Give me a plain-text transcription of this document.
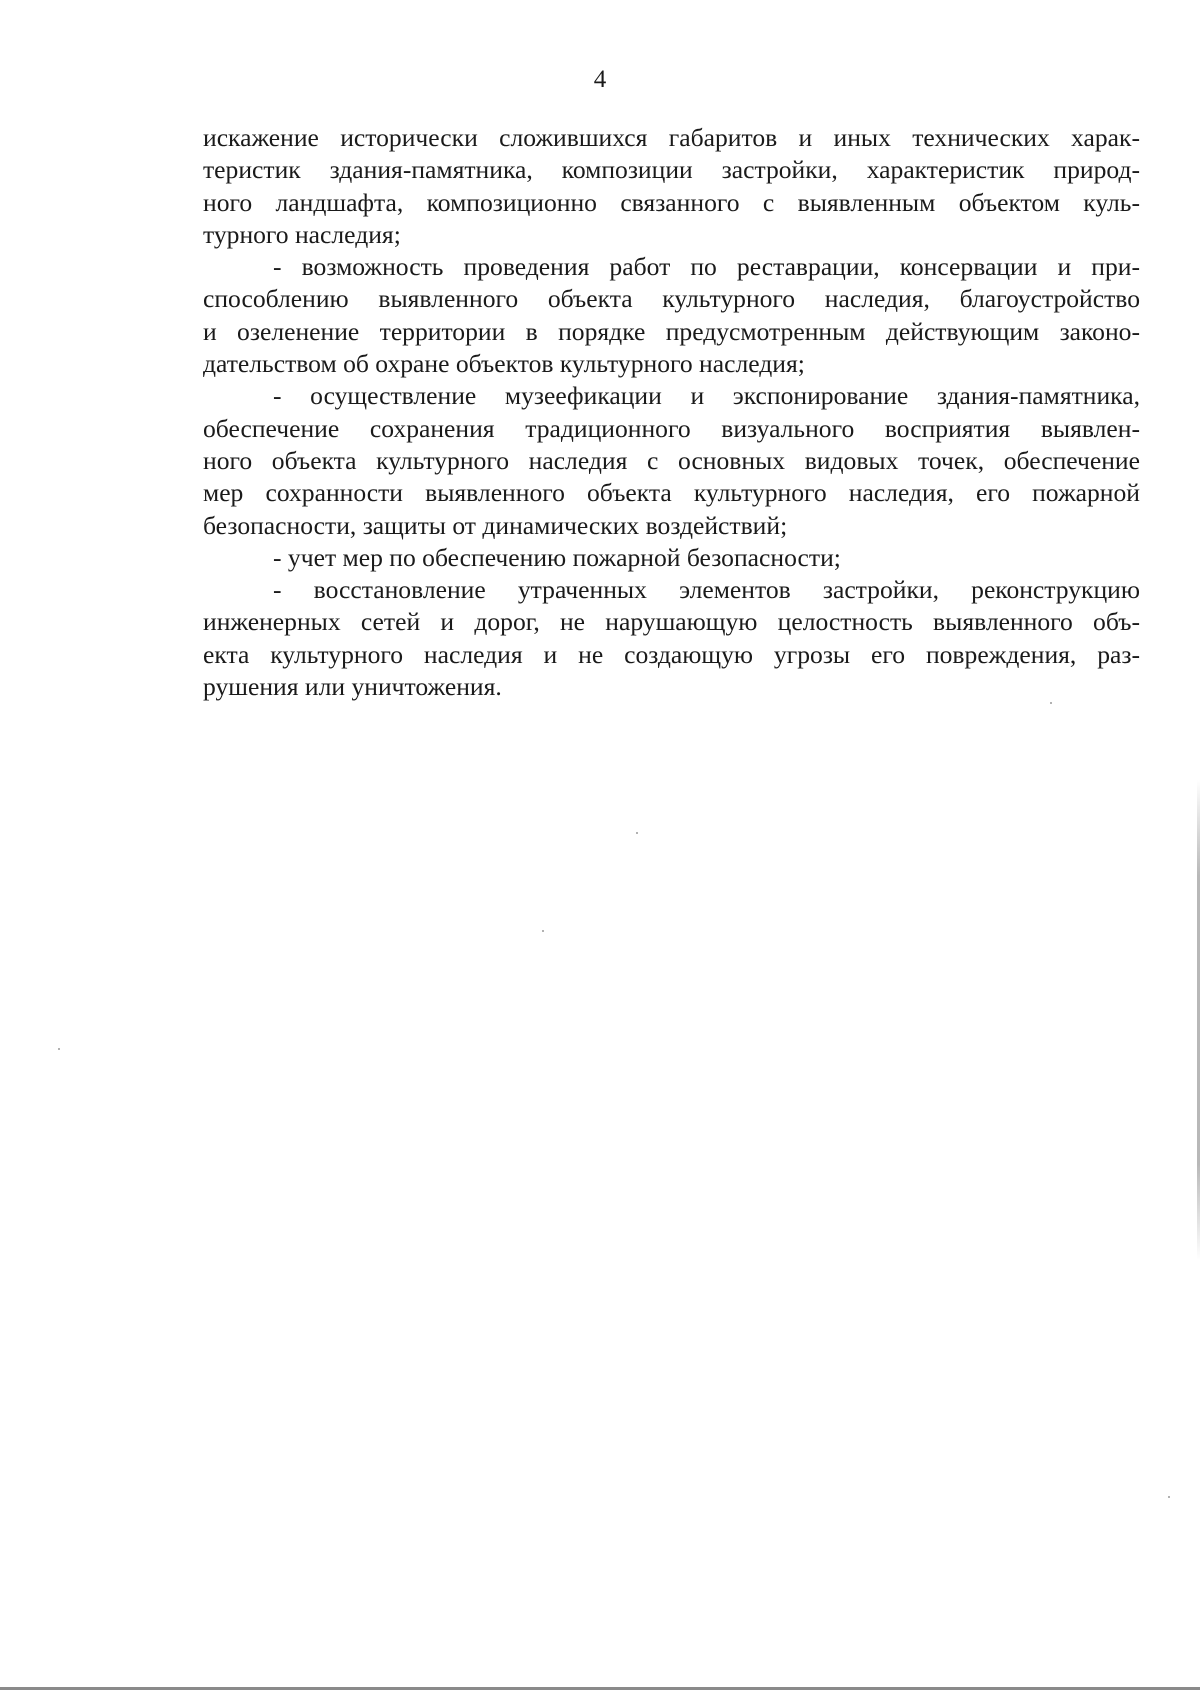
4
искажение исторически сложившихся габаритов и иных технических харак-
теристик здания-памятника, композиции застройки, характеристик природ-
ного ландшафта, композиционно связанного с выявленным объектом куль-
турного наследия;
- возможность проведения работ по реставрации, консервации и при-
способлению выявленного объекта культурного наследия, благоустройство
и озеленение территории в порядке предусмотренным действующим законо-
дательством об охране объектов культурного наследия;
- осуществление музеефикации и экспонирование здания-памятника,
обеспечение сохранения традиционного визуального восприятия выявлен-
ного объекта культурного наследия с основных видовых точек, обеспечение
мер сохранности выявленного объекта культурного наследия, его пожарной
безопасности, защиты от динамических воздействий;
- учет мер по обеспечению пожарной безопасности;
- восстановление утраченных элементов застройки, реконструкцию
инженерных сетей и дорог, не нарушающую целостность выявленного объ-
екта культурного наследия и не создающую угрозы его повреждения, раз-
рушения или уничтожения.
